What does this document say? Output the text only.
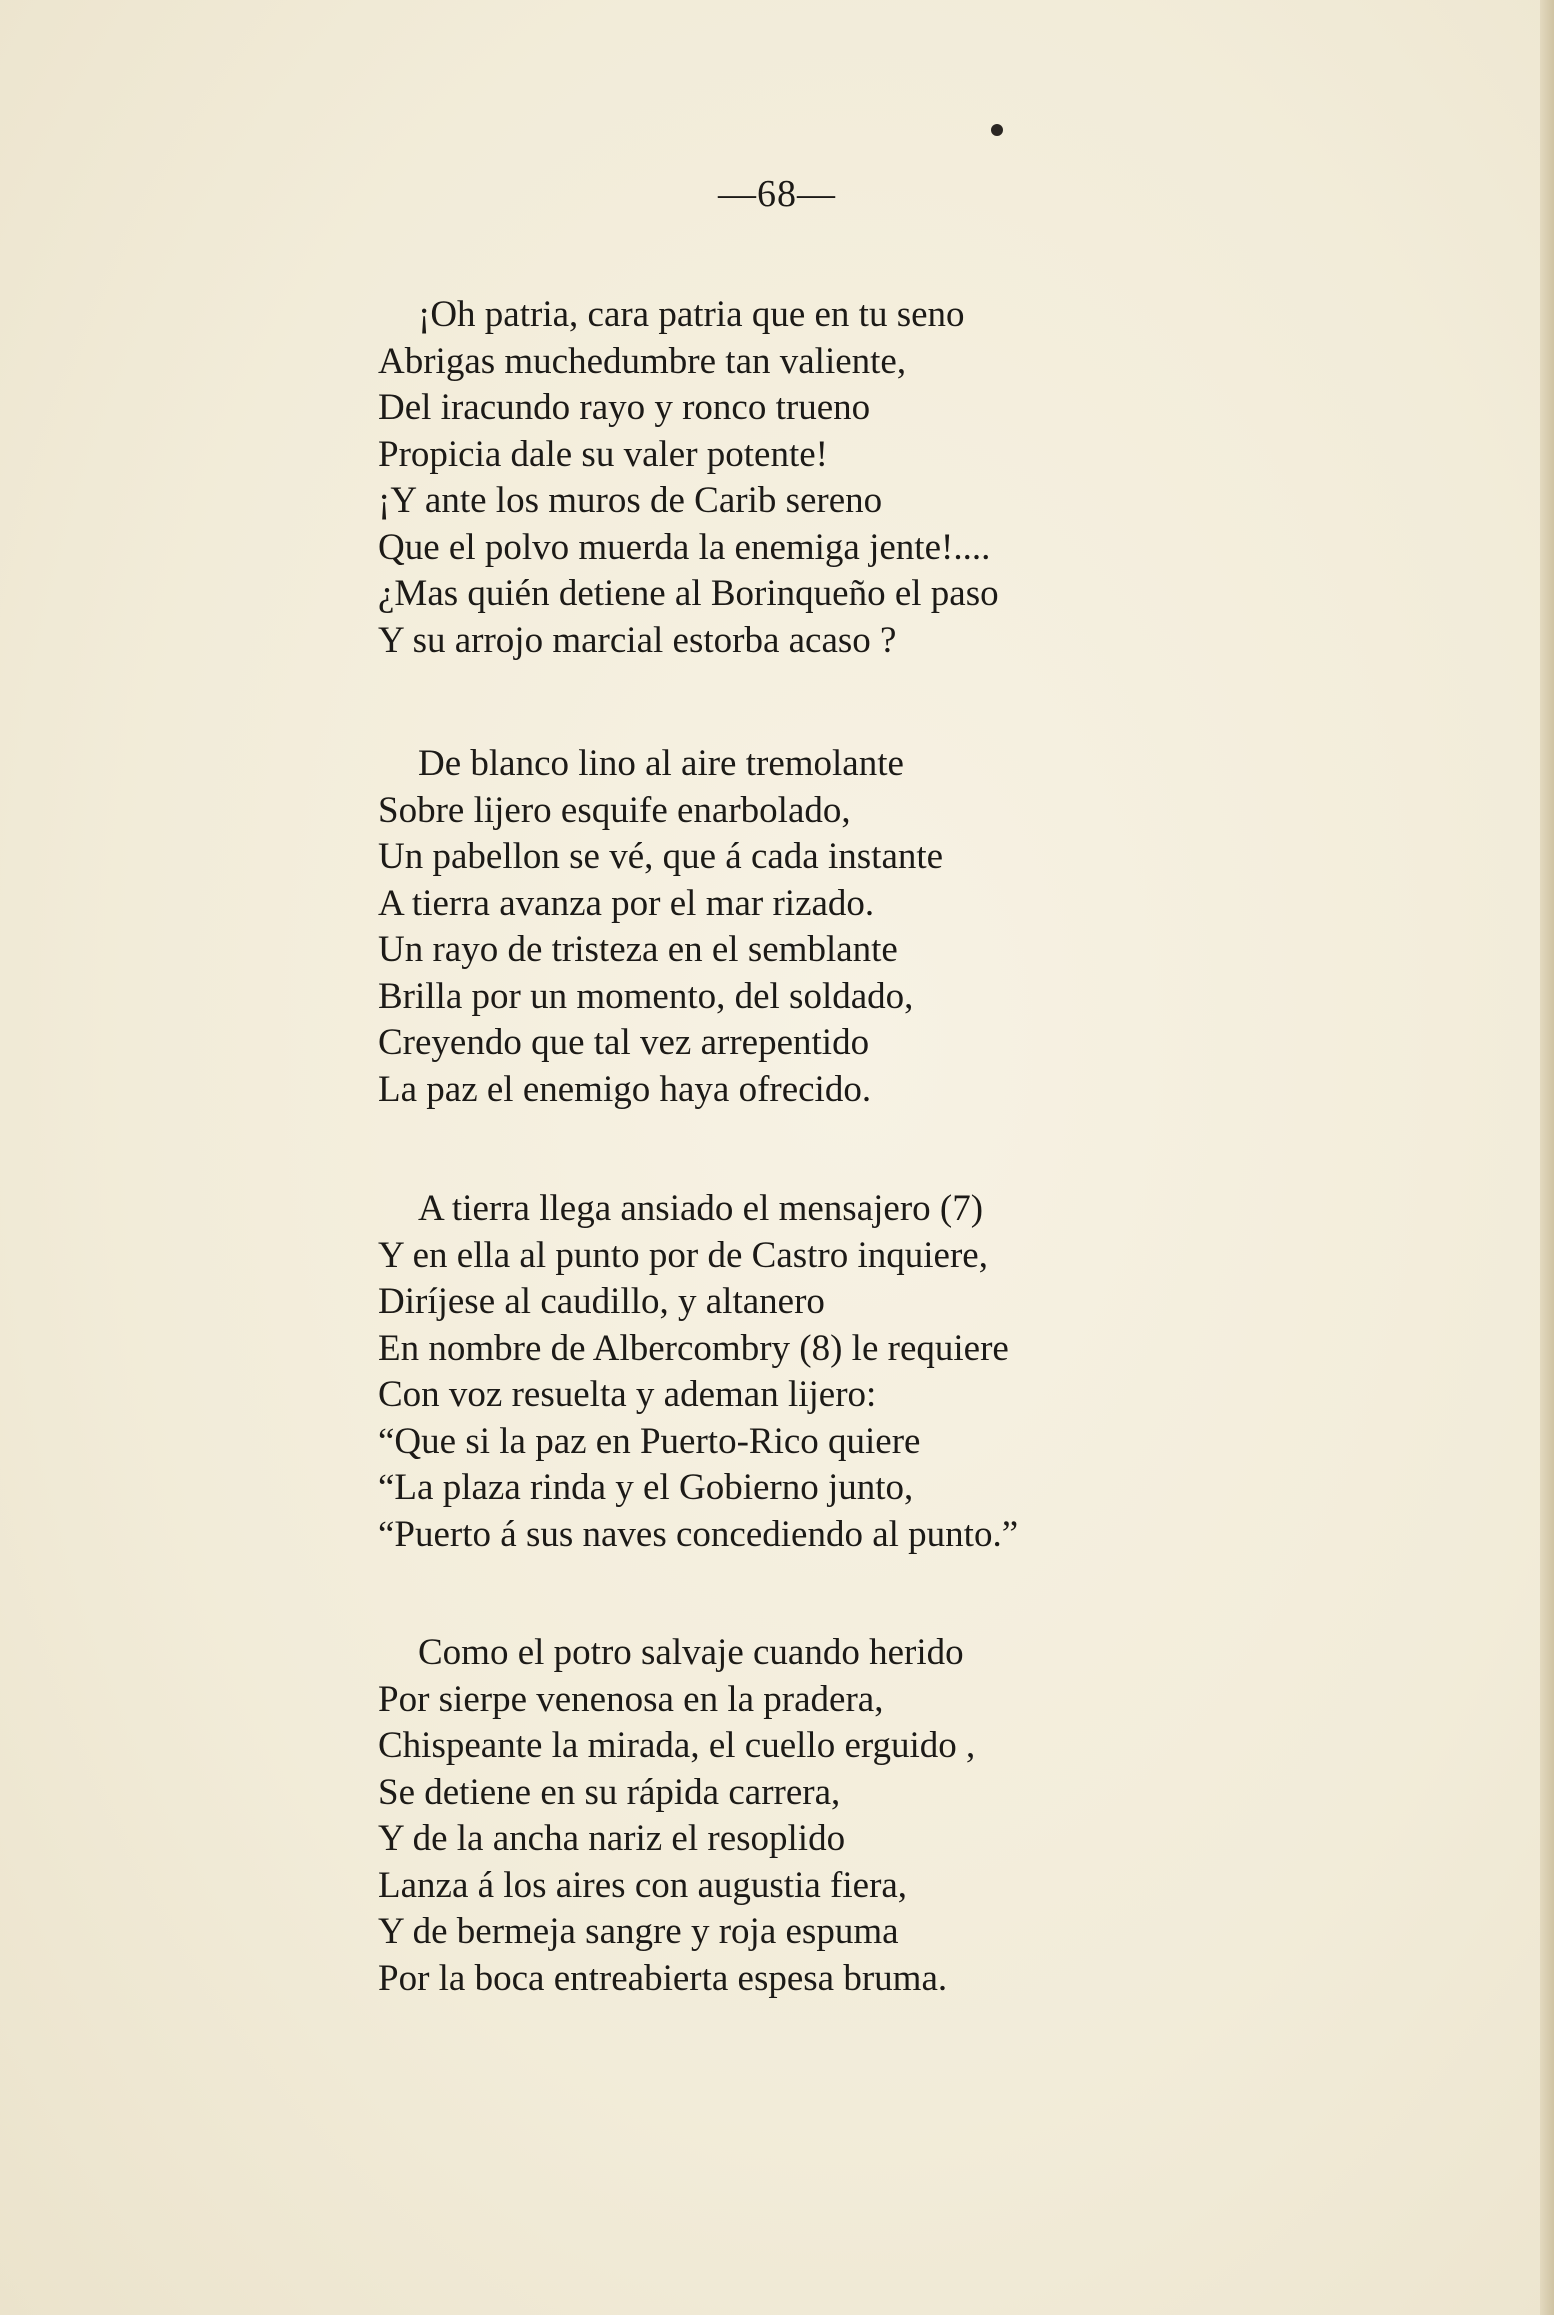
—68—
¡Oh patria, cara patria que en tu seno
Abrigas muchedumbre tan valiente,
Del iracundo rayo y ronco trueno
Propicia dale su valer potente!
¡Y ante los muros de Carib sereno
Que el polvo muerda la enemiga jente!....
¿Mas quién detiene al Borinqueño el paso
Y su arrojo marcial estorba acaso ?
De blanco lino al aire tremolante
Sobre lijero esquife enarbolado,
Un pabellon se vé, que á cada instante
A tierra avanza por el mar rizado.
Un rayo de tristeza en el semblante
Brilla por un momento, del soldado,
Creyendo que tal vez arrepentido
La paz el enemigo haya ofrecido.
A tierra llega ansiado el mensajero (7)
Y en ella al punto por de Castro inquiere,
Diríjese al caudillo, y altanero
En nombre de Albercombry (8) le requiere
Con voz resuelta y ademan lijero:
“Que si la paz en Puerto-Rico quiere
“La plaza rinda y el Gobierno junto,
“Puerto á sus naves concediendo al punto.”
Como el potro salvaje cuando herido
Por sierpe venenosa en la pradera,
Chispeante la mirada, el cuello erguido ,
Se detiene en su rápida carrera,
Y de la ancha nariz el resoplido
Lanza á los aires con augustia fiera,
Y de bermeja sangre y roja espuma
Por la boca entreabierta espesa bruma.
